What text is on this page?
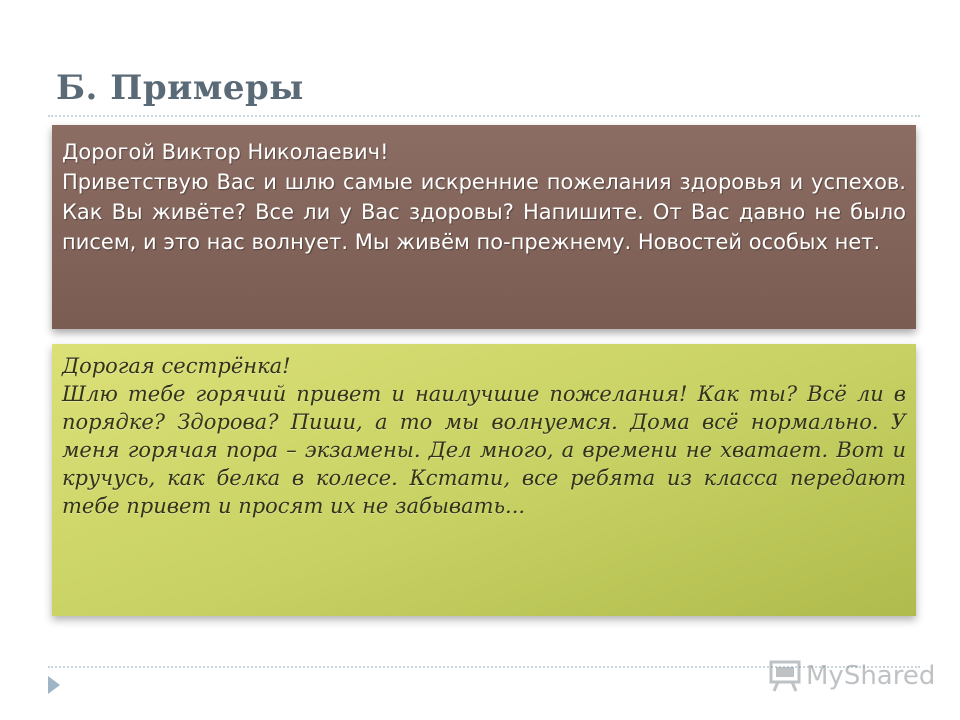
Б. Примеры

Дорогой Виктор Николаевич!

Приветствую Вас и шлю самые искренние пожелания здоровья и успехов. Как Вы живёте? Все ли у Вас здоровы? Напишите. От Вас давно не было писем, и это нас волнует. Мы живём по-прежнему. Новостей особых нет.

Дорогая сестрёнка!

Шлю тебе горячий привет и наилучшие пожелания! Как ты? Всё ли в порядке? Здорова? Пиши, а то мы волнуемся. Дома всё нормально. У меня горячая пора – экзамены. Дел много, а времени не хватает. Вот и кручусь, как белка в колесе. Кстати, все ребята из класса передают тебе привет и просят их не забывать...

MyShared
